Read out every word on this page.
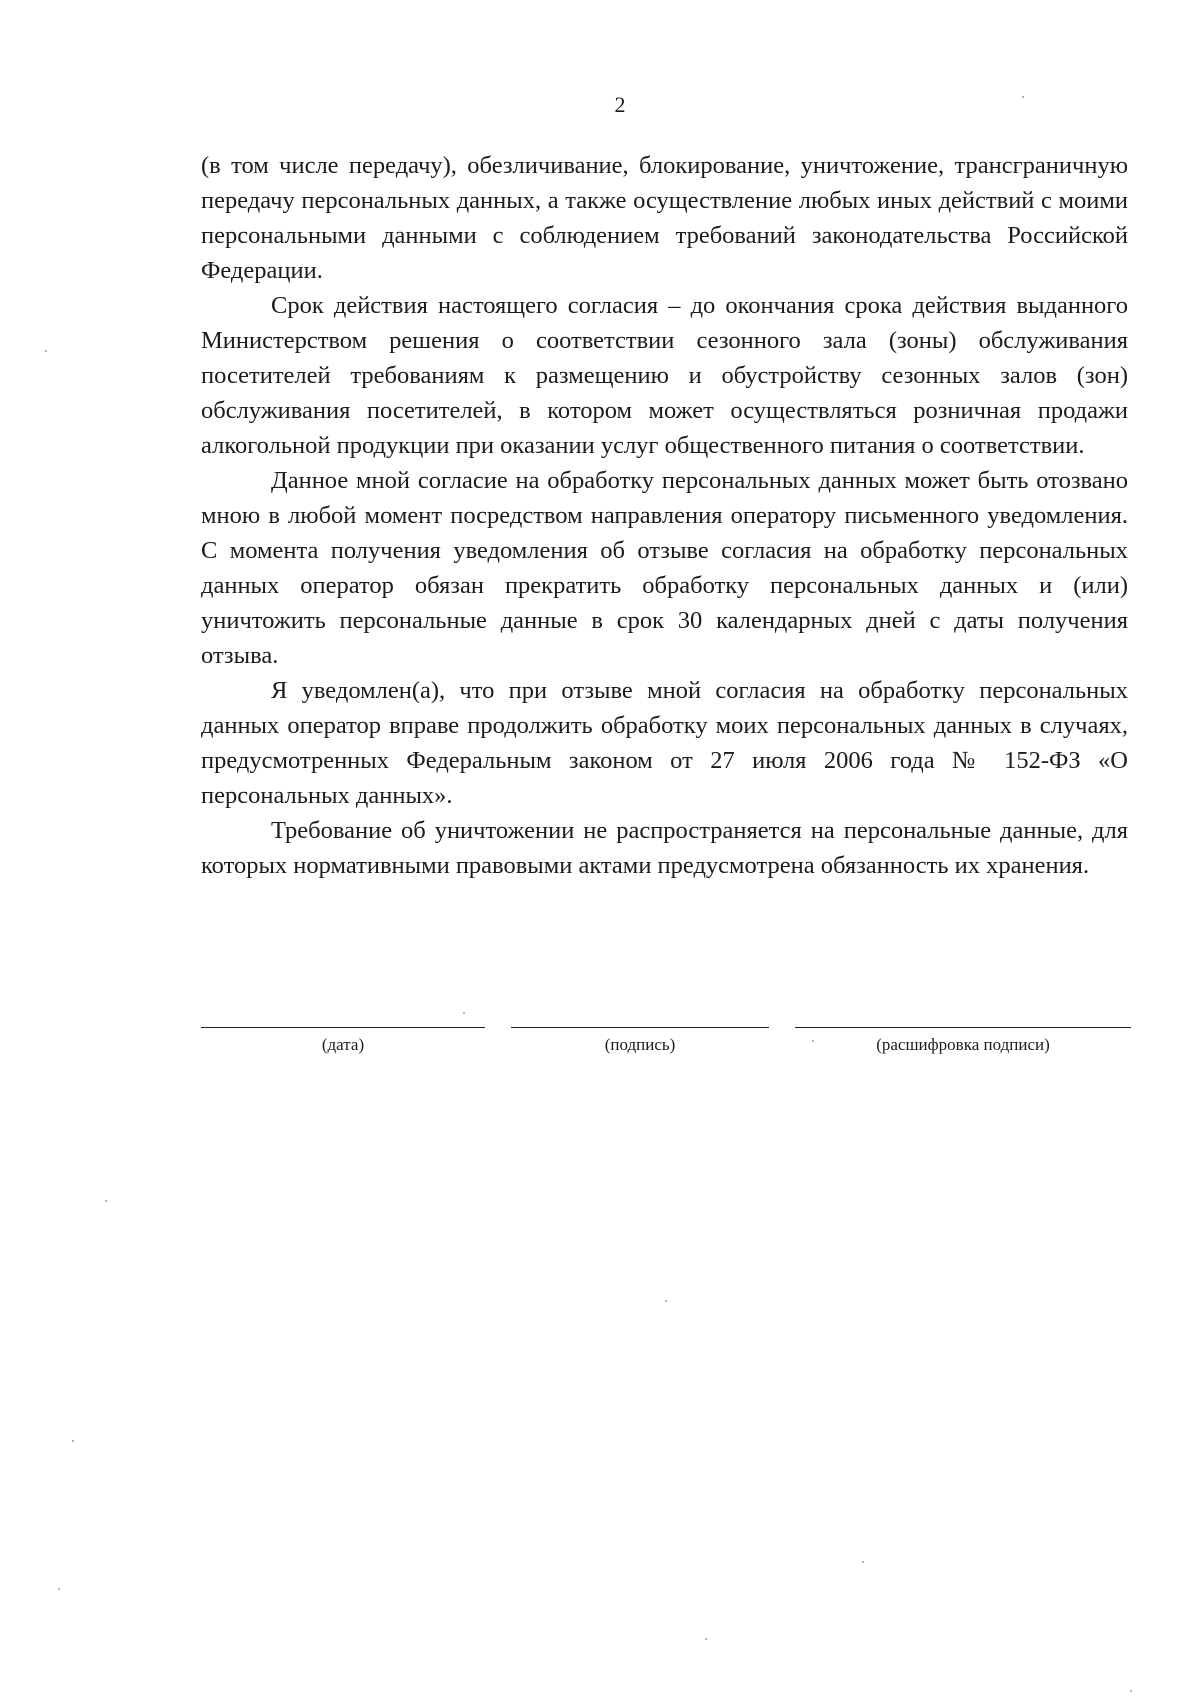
2

(в том числе передачу), обезличивание, блокирование, уничтожение, трансграничную передачу персональных данных, а также осуществление любых иных действий с моими персональными данными с соблюдением требований законодательства Российской Федерации.

Срок действия настоящего согласия – до окончания срока действия выданного Министерством решения о соответствии сезонного зала (зоны) обслуживания посетителей требованиям к размещению и обустройству сезонных залов (зон) обслуживания посетителей, в котором может осуществляться розничная продажи алкогольной продукции при оказании услуг общественного питания о соответствии.

Данное мной согласие на обработку персональных данных может быть отозвано мною в любой момент посредством направления оператору письменного уведомления. С момента получения уведомления об отзыве согласия на обработку персональных данных оператор обязан прекратить обработку персональных данных и (или) уничтожить персональные данные в срок 30 календарных дней с даты получения отзыва.

Я уведомлен(а), что при отзыве мной согласия на обработку персональных данных оператор вправе продолжить обработку моих персональных данных в случаях, предусмотренных Федеральным законом от 27 июля 2006 года № 152-ФЗ «О персональных данных».

Требование об уничтожении не распространяется на персональные данные, для которых нормативными правовыми актами предусмотрена обязанность их хранения.

(дата)	(подпись)	(расшифровка подписи)
